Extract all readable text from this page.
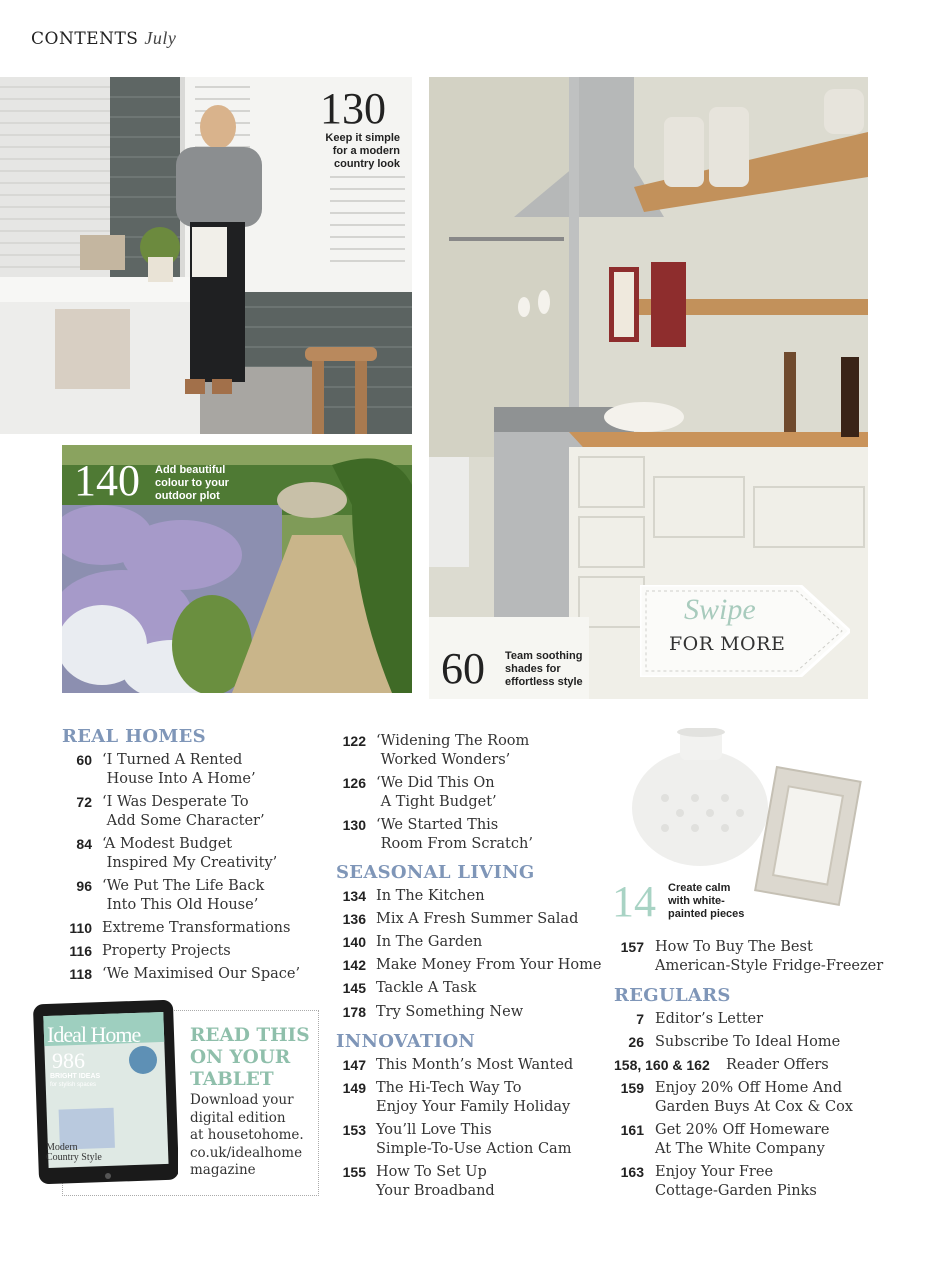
CONTENTS July
130
Keep it simple
for a modern
country look
140 Add beautiful
colour to your
outdoor plot
60 Team soothing
shades for
effortless style
Swipe
FOR MORE
REAL HOMES
60 ‘I Turned A Rented
House Into A Home’
72 ‘I Was Desperate To
Add Some Character’
84 ‘A Modest Budget
Inspired My Creativity’
96 ‘We Put The Life Back
Into This Old House’
110 Extreme Transformations
116 Property Projects
118 ‘We Maximised Our Space’
Ideal Home
986
BRIGHT IDEAS
for stylish spaces
Modern Country Style
READ THIS
ON YOUR
TABLET
Download your
digital edition
at housetohome.
co.uk/idealhome
magazine
122 ‘Widening The Room
Worked Wonders’
126 ‘We Did This On
A Tight Budget’
130 ‘We Started This
Room From Scratch’
SEASONAL LIVING
134 In The Kitchen
136 Mix A Fresh Summer Salad
140 In The Garden
142 Make Money From Your Home
145 Tackle A Task
178 Try Something New
INNOVATION
147 This Month’s Most Wanted
149 The Hi-Tech Way To
Enjoy Your Family Holiday
153 You’ll Love This
Simple-To-Use Action Cam
155 How To Set Up
Your Broadband
14 Create calm
with white-
painted pieces
157 How To Buy The Best
American-Style Fridge-Freezer
REGULARS
7 Editor’s Letter
26 Subscribe To Ideal Home
158, 160 & 162	Reader Offers
159 Enjoy 20% Off Home And
Garden Buys At Cox & Cox
161 Get 20% Off Homeware
At The White Company
163 Enjoy Your Free
Cottage-Garden Pinks
